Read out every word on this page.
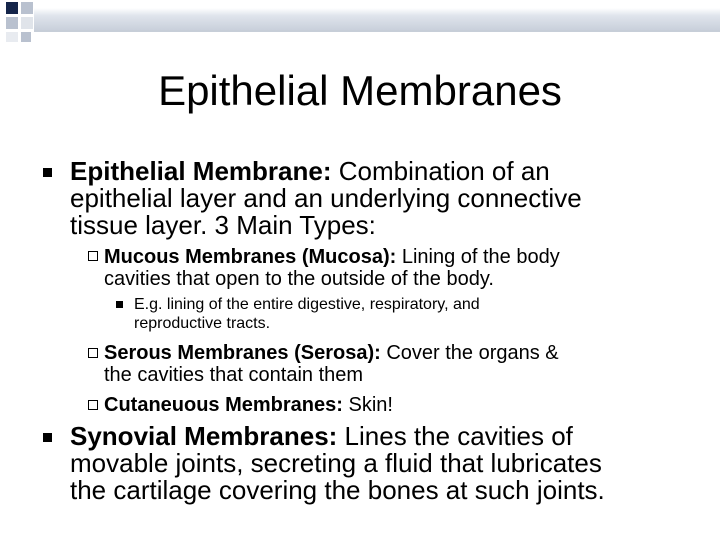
Epithelial Membranes
Epithelial Membrane: Combination of an
epithelial layer and an underlying connective
tissue layer. 3 Main Types:
Mucous Membranes (Mucosa): Lining of the body
cavities that open to the outside of the body.
E.g. lining of the entire digestive, respiratory, and
reproductive tracts.
Serous Membranes (Serosa): Cover the organs &
the cavities that contain them
Cutaneuous Membranes: Skin!
Synovial Membranes: Lines the cavities of
movable joints, secreting a fluid that lubricates
the cartilage covering the bones at such joints.
